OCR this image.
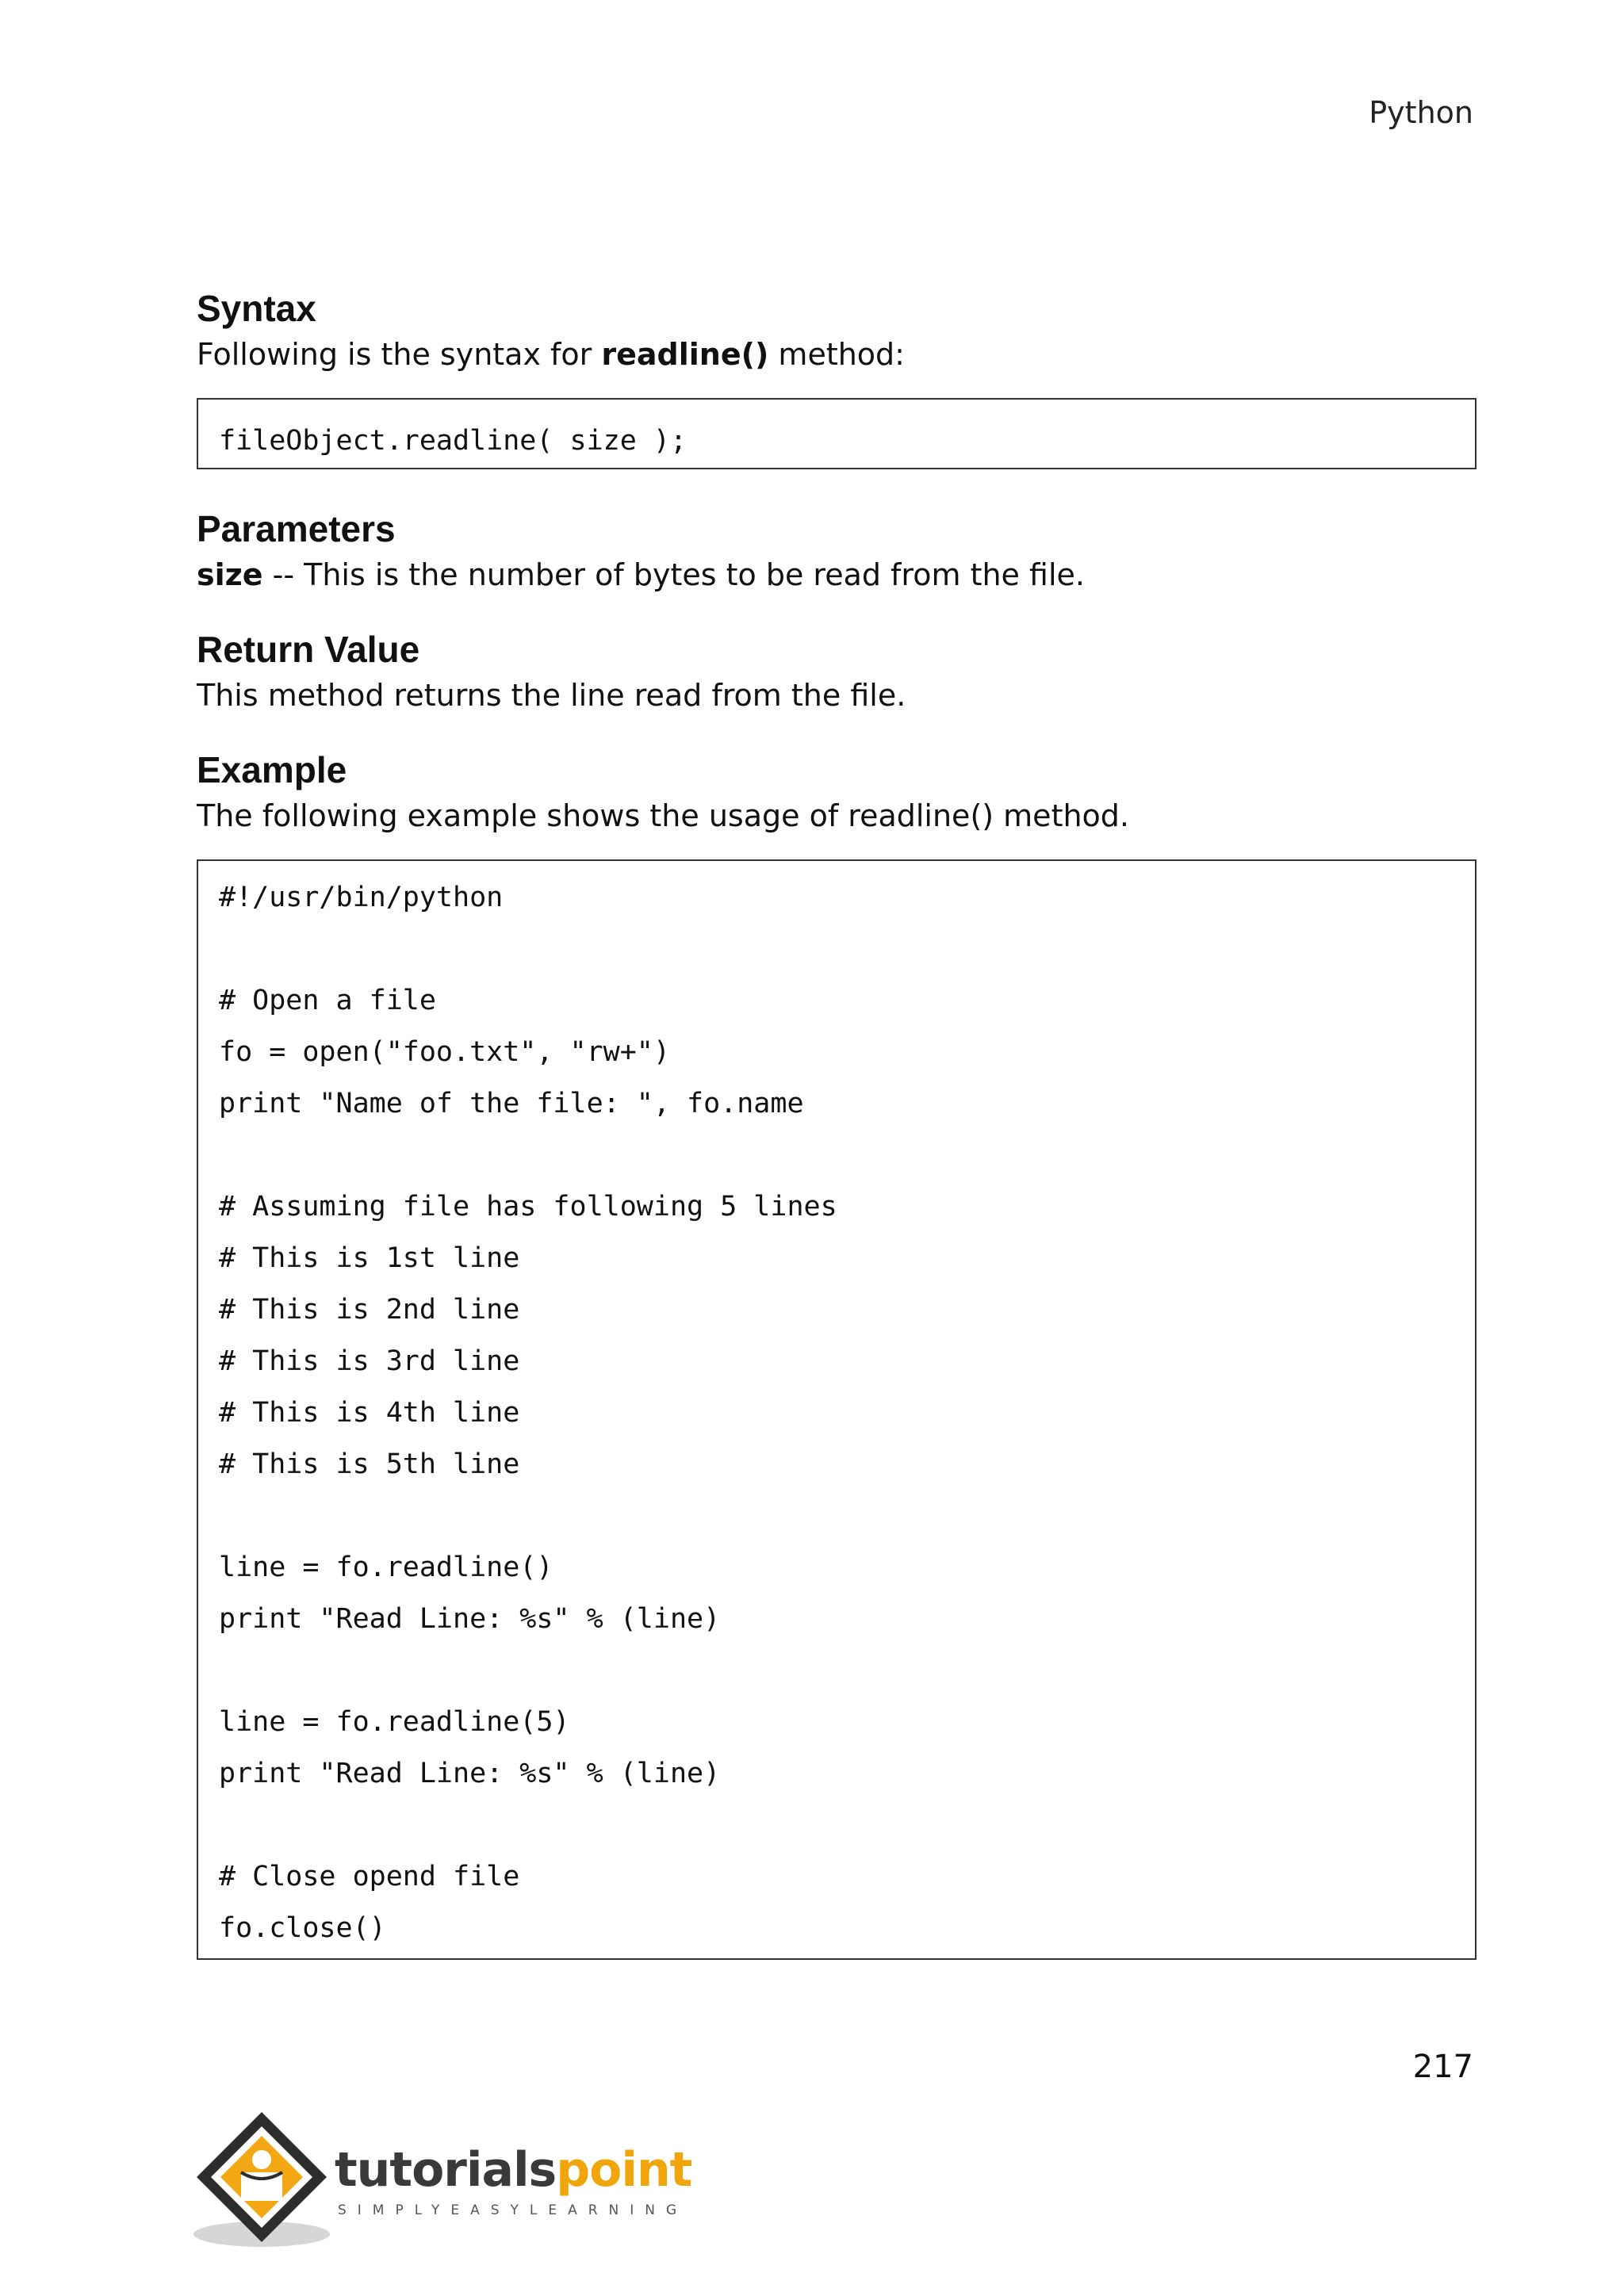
Python
Syntax

Following is the syntax for readline() method:

fileObject.readline( size );
Parameters

size -- This is the number of bytes to be read from the file.

Return Value

This method returns the line read from the file.

Example

The following example shows the usage of readline() method.

#!/usr/bin/python

# Open a file
fo = open("foo.txt", "rw+")
print "Name of the file: ", fo.name

# Assuming file has following 5 lines
# This is 1st line
# This is 2nd line
# This is 3rd line
# This is 4th line
# This is 5th line

line = fo.readline()
print "Read Line: %s" % (line)

line = fo.readline(5)
print "Read Line: %s" % (line)

# Close opend file
fo.close()
217
tutorialspoint
SIMPLYEASYLEARNING
